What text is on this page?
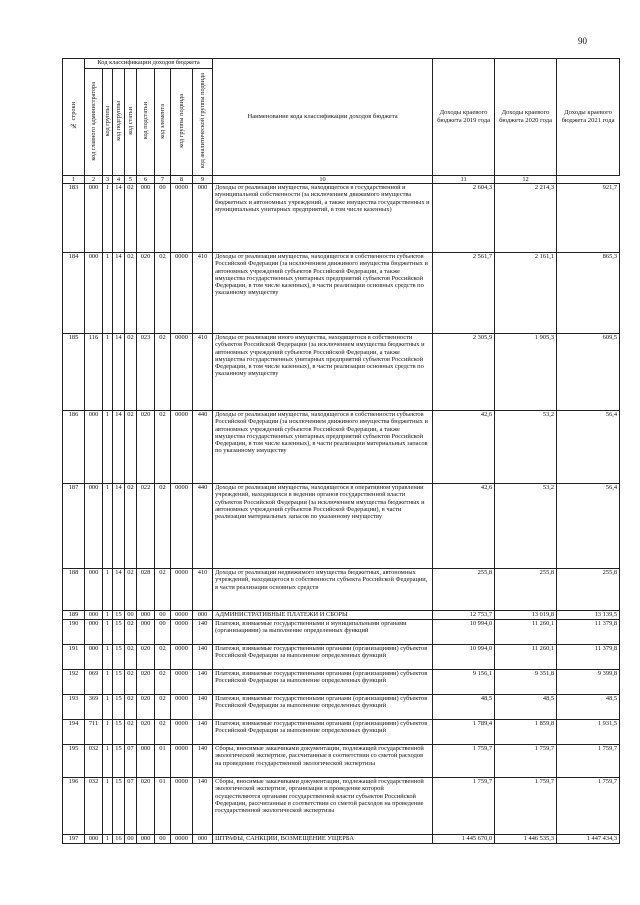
90
№ строки	Код классификации доходов бюджета								Наименование кода классификации доходов бюджета	Доходы краевого бюджета 2019 года	Доходы краевого бюджета 2020 года	Доходы краевого бюджета 2021 года
	код главного администратора	код группы	код подгруппы	код статьи	код подстатьи	код элемента	код группы подвида	код аналитической группы подвида				
1	2	3	4	5	6	7	8	9	10	11	12	
183	000	1	14	02	000	00	0000	000	Доходы от реализации имущества, находящегося в государственной и муниципальной собственности (за исключением движимого имущества бюджетных и автономных учреждений, а также имущества государственных и муниципальных унитарных предприятий, в том числе казенных)	2 604,3	2 214,3	921,7
184	000	1	14	02	020	02	0000	410	Доходы от реализации имущества, находящегося в собственности субъектов Российской Федерации (за исключением движимого имущества бюджетных и автономных учреждений субъектов Российской Федерации, а также имущества государственных унитарных предприятий субъектов Российской Федерации, в том числе казенных), в части реализации основных средств по указанному имуществу	2 561,7	2 161,1	865,3
185	116	1	14	02	023	02	0000	410	Доходы от реализации иного имущества, находящегося в собственности субъектов Российской Федерации (за исключением имущества бюджетных и автономных учреждений субъектов Российской Федерации, а также имущества государственных унитарных предприятий субъектов Российской Федерации, в том числе казенных), в части реализации основных средств по указанному имуществу	2 305,9	1 905,3	609,5
186	000	1	14	02	020	02	0000	440	Доходы от реализации имущества, находящегося в собственности субъектов Российской Федерации (за исключением движимого имущества бюджетных и автономных учреждений субъектов Российской Федерации, а также имущества государственных унитарных предприятий субъектов Российской Федерации, в том числе казенных), в части реализации материальных запасов по указанному имуществу	42,6	53,2	56,4
187	000	1	14	02	022	02	0000	440	Доходы от реализации имущества, находящегося в оперативном управлении учреждений, находящихся в ведении органов государственной власти субъектов Российской Федерации (за исключением имущества бюджетных и автономных учреждений субъектов Российской Федерации), в части реализации материальных запасов по указанному имуществу	42,6	53,2	56,4
188	000	1	14	02	028	02	0000	410	Доходы от реализации недвижимого имущества бюджетных, автономных учреждений, находящегося в собственности субъекта Российской Федерации, в части реализации основных средств	255,8	255,8	255,8
189	000	1	15	00	000	00	0000	000	АДМИНИСТРАТИВНЫЕ ПЛАТЕЖИ И СБОРЫ	12 753,7	13 019,8	13 139,5
190	000	1	15	02	000	00	0000	140	Платежи, взимаемые государственными и муниципальными органами (организациями) за выполнение определенных функций	10 994,0	11 260,1	11 379,8
191	000	1	15	02	020	02	0000	140	Платежи, взимаемые государственными органами (организациями) субъектов Российской Федерации за выполнение определенных функций	10 994,0	11 260,1	11 379,8
192	069	1	15	02	020	02	0000	140	Платежи, взимаемые государственными органами (организациями) субъектов Российской Федерации за выполнение определенных функций	9 156,1	9 351,8	9 399,8
193	369	1	15	02	020	02	0000	140	Платежи, взимаемые государственными органами (организациями) субъектов Российской Федерации за выполнение определенных функций	48,5	48,5	48,5
194	711	1	15	02	020	02	0000	140	Платежи, взимаемые государственными органами (организациями) субъектов Российской Федерации за выполнение определенных функций	1 789,4	1 859,8	1 931,5
195	032	1	15	07	000	01	0000	140	Сборы, вносимые заказчиками документации, подлежащей государственной экологической экспертизе, рассчитанные в соответствии со сметой расходов на проведение государственной экологической экспертизы	1 759,7	1 759,7	1 759,7
196	032	1	15	07	020	01	0000	140	Сборы, вносимые заказчиками документации, подлежащей государственной экологической экспертизе, организация и проведение которой осуществляются органами государственной власти субъектов Российской Федерации, рассчитанные в соответствии со сметой расходов на проведение государственной экологической экспертизы	1 759,7	1 759,7	1 759,7
197	000	1	16	00	000	00	0000	000	ШТРАФЫ, САНКЦИИ, ВОЗМЕЩЕНИЕ УЩЕРБА	1 445 670,0	1 446 535,3	1 447 434,3
